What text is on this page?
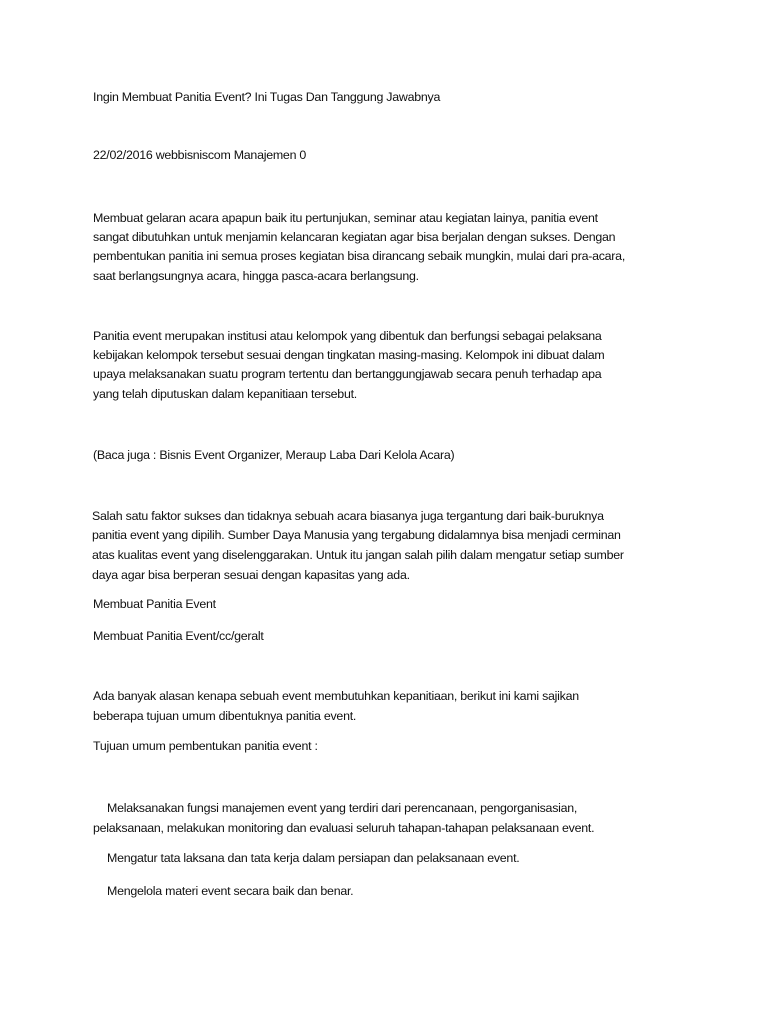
Ingin Membuat Panitia Event? Ini Tugas Dan Tanggung Jawabnya
22/02/2016 webbisniscom Manajemen 0
Membuat gelaran acara apapun baik itu pertunjukan, seminar atau kegiatan lainya, panitia event
sangat dibutuhkan untuk menjamin kelancaran kegiatan agar bisa berjalan dengan sukses. Dengan
pembentukan panitia ini semua proses kegiatan bisa dirancang sebaik mungkin, mulai dari pra-acara,
saat berlangsungnya acara, hingga pasca-acara berlangsung.
Panitia event merupakan institusi atau kelompok yang dibentuk dan berfungsi sebagai pelaksana
kebijakan kelompok tersebut sesuai dengan tingkatan masing-masing. Kelompok ini dibuat dalam
upaya melaksanakan suatu program tertentu dan bertanggungjawab secara penuh terhadap apa
yang telah diputuskan dalam kepanitiaan tersebut.
(Baca juga : Bisnis Event Organizer, Meraup Laba Dari Kelola Acara)
Salah satu faktor sukses dan tidaknya sebuah acara biasanya juga tergantung dari baik-buruknya
panitia event yang dipilih. Sumber Daya Manusia yang tergabung didalamnya bisa menjadi cerminan
atas kualitas event yang diselenggarakan. Untuk itu jangan salah pilih dalam mengatur setiap sumber
daya agar bisa berperan sesuai dengan kapasitas yang ada.
Membuat Panitia Event
Membuat Panitia Event/cc/geralt
Ada banyak alasan kenapa sebuah event membutuhkan kepanitiaan, berikut ini kami sajikan
beberapa tujuan umum dibentuknya panitia event.
Tujuan umum pembentukan panitia event :
Melaksanakan fungsi manajemen event yang terdiri dari perencanaan, pengorganisasian,
pelaksanaan, melakukan monitoring dan evaluasi seluruh tahapan-tahapan pelaksanaan event.
Mengatur tata laksana dan tata kerja dalam persiapan dan pelaksanaan event.
Mengelola materi event secara baik dan benar.
